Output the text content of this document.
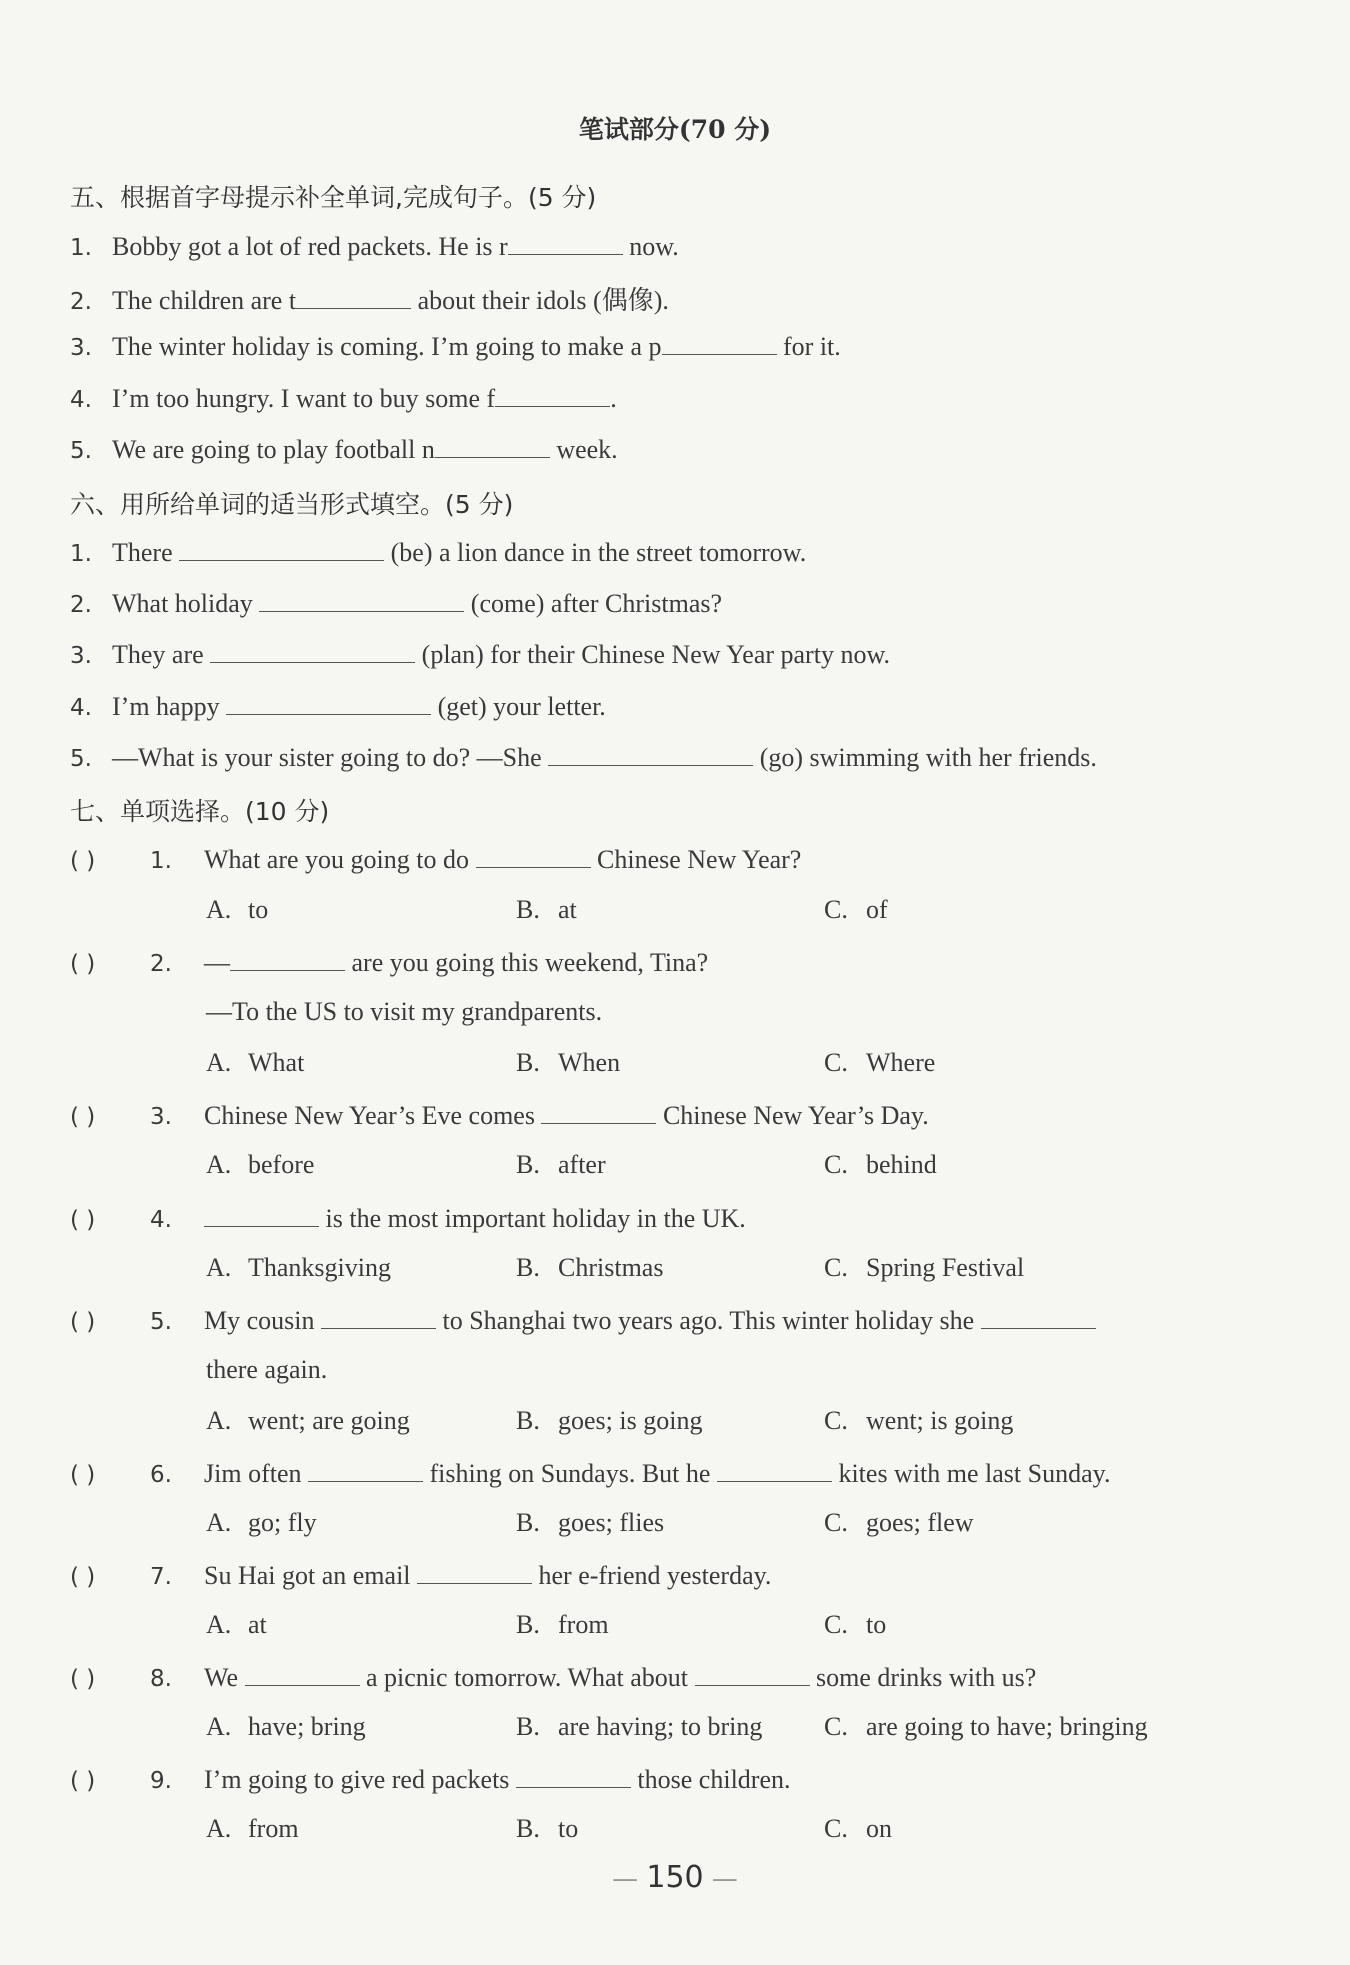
笔试部分(70 分)
五、根据首字母提示补全单词,完成句子。(5 分)
1. Bobby got a lot of red packets. He is r	now.
2. The children are t	about their idols (偶像).
3. The winter holiday is coming. I’m going to make a p	for it.
4. I’m too hungry. I want to buy some f	.
5. We are going to play football n	week.
六、用所给单词的适当形式填空。(5 分)
1. There	(be) a lion dance in the street tomorrow.
2. What holiday	(come) after Christmas?
3. They are	(plan) for their Chinese New Year party now.
4. I’m happy	(get) your letter.
5. —What is your sister going to do? —She	(go) swimming with her friends.
七、单项选择。(10 分)
( ) 1. What are you going to do	Chinese New Year?
A. to	B. at	C. of
( ) 2. —	are you going this weekend, Tina?
—To the US to visit my grandparents.
A. What	B. When	C. Where
( ) 3. Chinese New Year’s Eve comes	Chinese New Year’s Day.
A. before	B. after	C. behind
( ) 4.	is the most important holiday in the UK.
A. Thanksgiving	B. Christmas	C. Spring Festival
( ) 5. My cousin	to Shanghai two years ago. This winter holiday she
there again.
A. went; are going	B. goes; is going	C. went; is going
( ) 6. Jim often	fishing on Sundays. But he	kites with me last Sunday.
A. go; fly	B. goes; flies	C. goes; flew
( ) 7. Su Hai got an email	her e-friend yesterday.
A. at	B. from	C. to
( ) 8. We	a picnic tomorrow. What about	some drinks with us?
A. have; bring	B. are having; to bring C. are going to have; bringing
( ) 9. I’m going to give red packets	those children.
A. from	B. to	C. on
— 150 —
